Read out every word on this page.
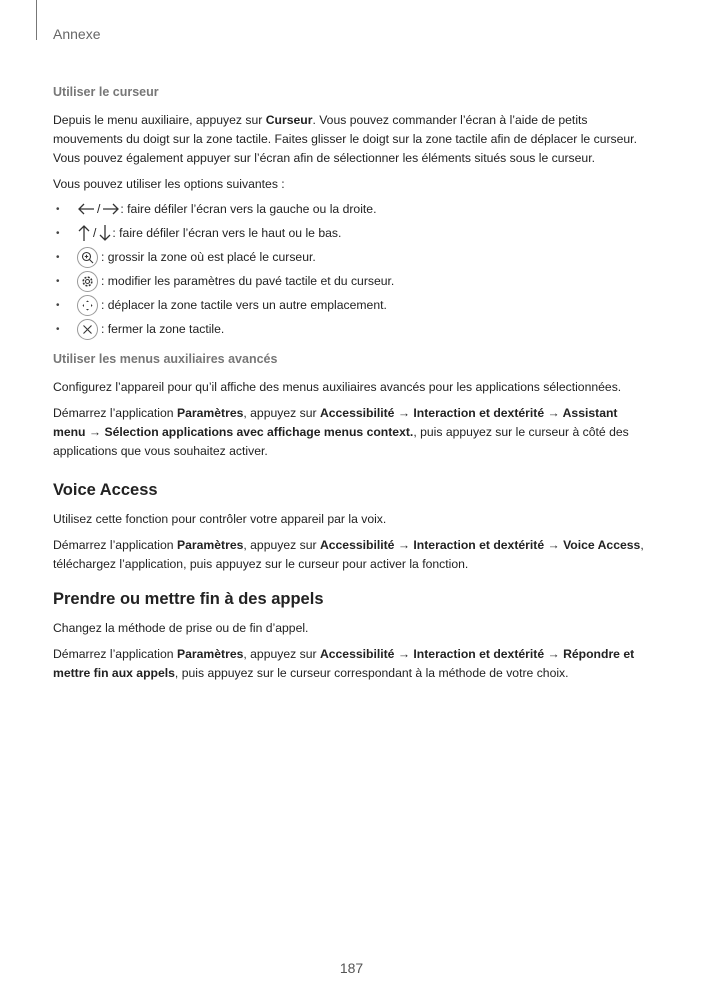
Annexe
Utiliser le curseur

Depuis le menu auxiliaire, appuyez sur Curseur. Vous pouvez commander l’écran à l’aide de petits mouvements du doigt sur la zone tactile. Faites glisser le doigt sur la zone tactile afin de déplacer le curseur. Vous pouvez également appuyer sur l’écran afin de sélectionner les éléments situés sous le curseur.

Vous pouvez utiliser les options suivantes :

• / : faire défiler l’écran vers la gauche ou la droite.
• / : faire défiler l’écran vers le haut ou le bas.
• : grossir la zone où est placé le curseur.
• : modifier les paramètres du pavé tactile et du curseur.
• : déplacer la zone tactile vers un autre emplacement.
• : fermer la zone tactile.
Utiliser les menus auxiliaires avancés

Configurez l’appareil pour qu’il affiche des menus auxiliaires avancés pour les applications sélectionnées.

Démarrez l’application Paramètres, appuyez sur Accessibilité → Interaction et dextérité → Assistant menu → Sélection applications avec affichage menus context., puis appuyez sur le curseur à côté des applications que vous souhaitez activer.

Voice Access

Utilisez cette fonction pour contrôler votre appareil par la voix.

Démarrez l’application Paramètres, appuyez sur Accessibilité → Interaction et dextérité → Voice Access, téléchargez l’application, puis appuyez sur le curseur pour activer la fonction.

Prendre ou mettre fin à des appels

Changez la méthode de prise ou de fin d’appel.

Démarrez l’application Paramètres, appuyez sur Accessibilité → Interaction et dextérité → Répondre et mettre fin aux appels, puis appuyez sur le curseur correspondant à la méthode de votre choix.

187
